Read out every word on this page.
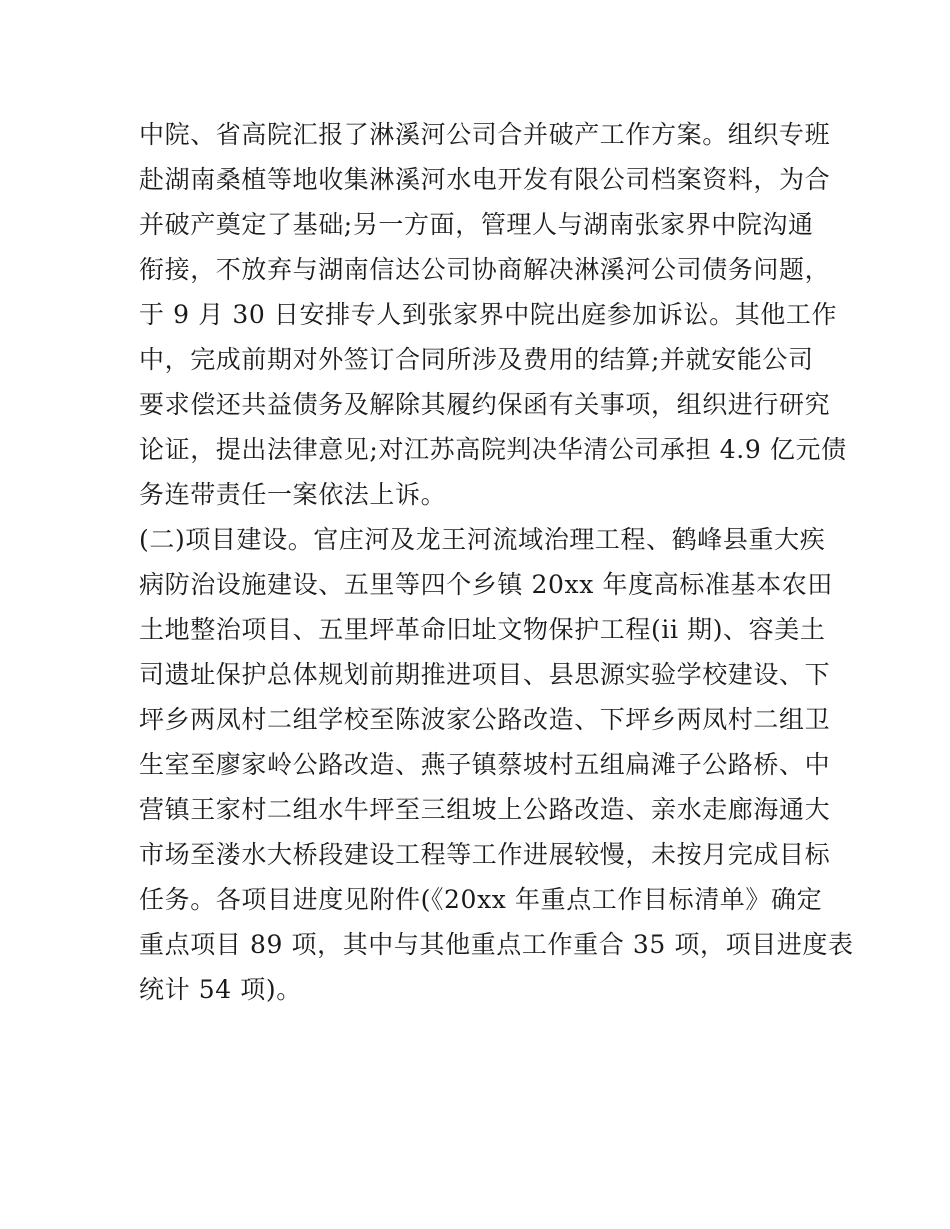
中院、省高院汇报了淋溪河公司合并破产工作方案。组织专班
赴湖南桑植等地收集淋溪河水电开发有限公司档案资料，为合
并破产奠定了基础;另一方面，管理人与湖南张家界中院沟通
衔接，不放弃与湖南信达公司协商解决淋溪河公司债务问题，
于 9 月 30 日安排专人到张家界中院出庭参加诉讼。其他工作
中，完成前期对外签订合同所涉及费用的结算;并就安能公司
要求偿还共益债务及解除其履约保函有关事项，组织进行研究
论证，提出法律意见;对江苏高院判决华清公司承担 4.9 亿元债
务连带责任一案依法上诉。
(二)项目建设。官庄河及龙王河流域治理工程、鹤峰县重大疾
病防治设施建设、五里等四个乡镇 20xx 年度高标准基本农田
土地整治项目、五里坪革命旧址文物保护工程(ii 期)、容美土
司遗址保护总体规划前期推进项目、县思源实验学校建设、下
坪乡两凤村二组学校至陈波家公路改造、下坪乡两凤村二组卫
生室至廖家岭公路改造、燕子镇蔡坡村五组扁滩子公路桥、中
营镇王家村二组水牛坪至三组坡上公路改造、亲水走廊海通大
市场至溇水大桥段建设工程等工作进展较慢，未按月完成目标
任务。各项目进度见附件(《20xx 年重点工作目标清单》确定
重点项目 89 项，其中与其他重点工作重合 35 项，项目进度表
统计 54 项)。
